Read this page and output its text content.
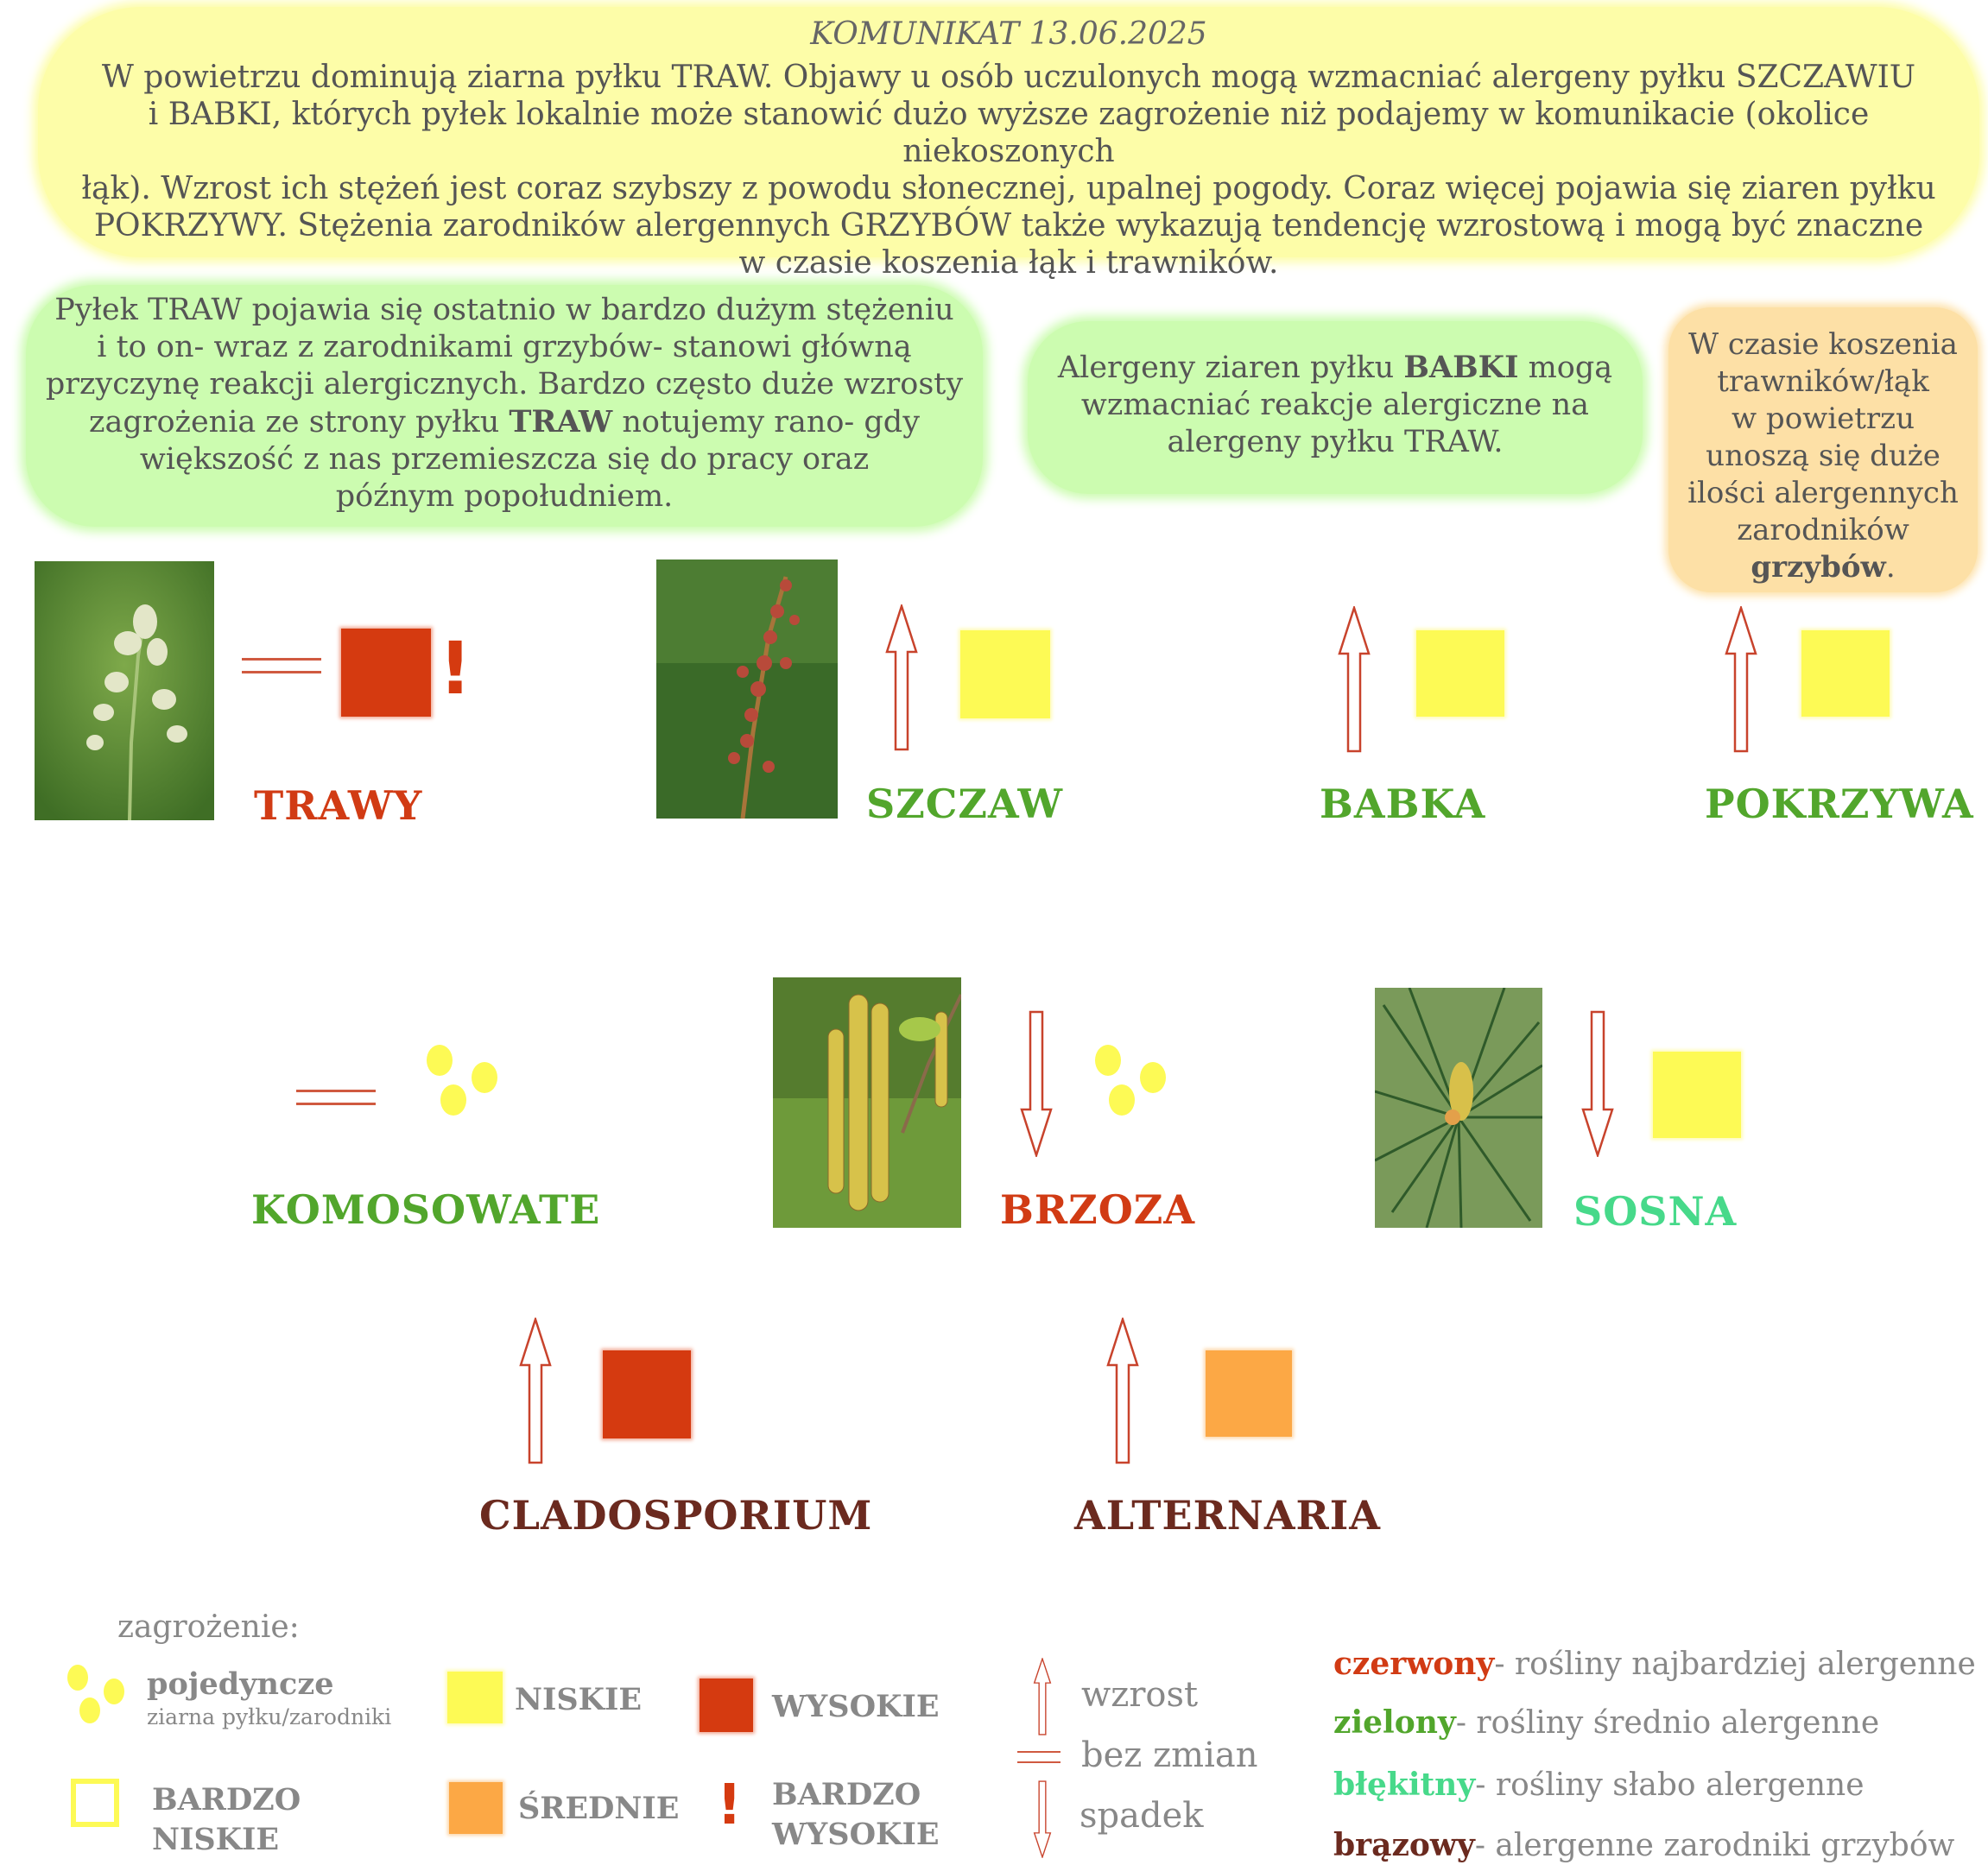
KOMUNIKAT 13.06.2025
W powietrzu dominują ziarna pyłku TRAW. Objawy u osób uczulonych mogą wzmacniać alergeny pyłku SZCZAWIU
i BABKI, których pyłek lokalnie może stanowić dużo wyższe zagrożenie niż podajemy w komunikacie (okolice niekoszonych
łąk). Wzrost ich stężeń jest coraz szybszy z powodu słonecznej, upalnej pogody. Coraz więcej pojawia się ziaren pyłku
POKRZYWY. Stężenia zarodników alergennych GRZYBÓW także wykazują tendencję wzrostową i mogą być znaczne
w czasie koszenia łąk i trawników.
Pyłek TRAW pojawia się ostatnio w bardzo dużym stężeniu
i to on- wraz z zarodnikami grzybów- stanowi główną
przyczynę reakcji alergicznych. Bardzo często duże wzrosty
zagrożenia ze strony pyłku TRAW notujemy rano- gdy
większość z nas przemieszcza się do pracy oraz
późnym popołudniem.
Alergeny ziaren pyłku BABKI mogą
wzmacniać reakcje alergiczne na
alergeny pyłku TRAW.
W czasie koszenia
trawników/łąk
w powietrzu
unoszą się duże
ilości alergennych
zarodników
grzybów.
!
TRAWY	SZCZAW	BABKA	POKRZYWA
KOMOSOWATE	BRZOZA	SOSNA
CLADOSPORIUM	ALTERNARIA
zagrożenie:
pojedyncze
ziarna pyłku/zarodniki
BARDZO
NISKIE
NISKIE
ŚREDNIE
WYSOKIE
! BARDZO
WYSOKIE
wzrost
bez zmian
spadek
czerwony- rośliny najbardziej alergenne
zielony- rośliny średnio alergenne
błękitny- rośliny słabo alergenne
brązowy- alergenne zarodniki grzybów
